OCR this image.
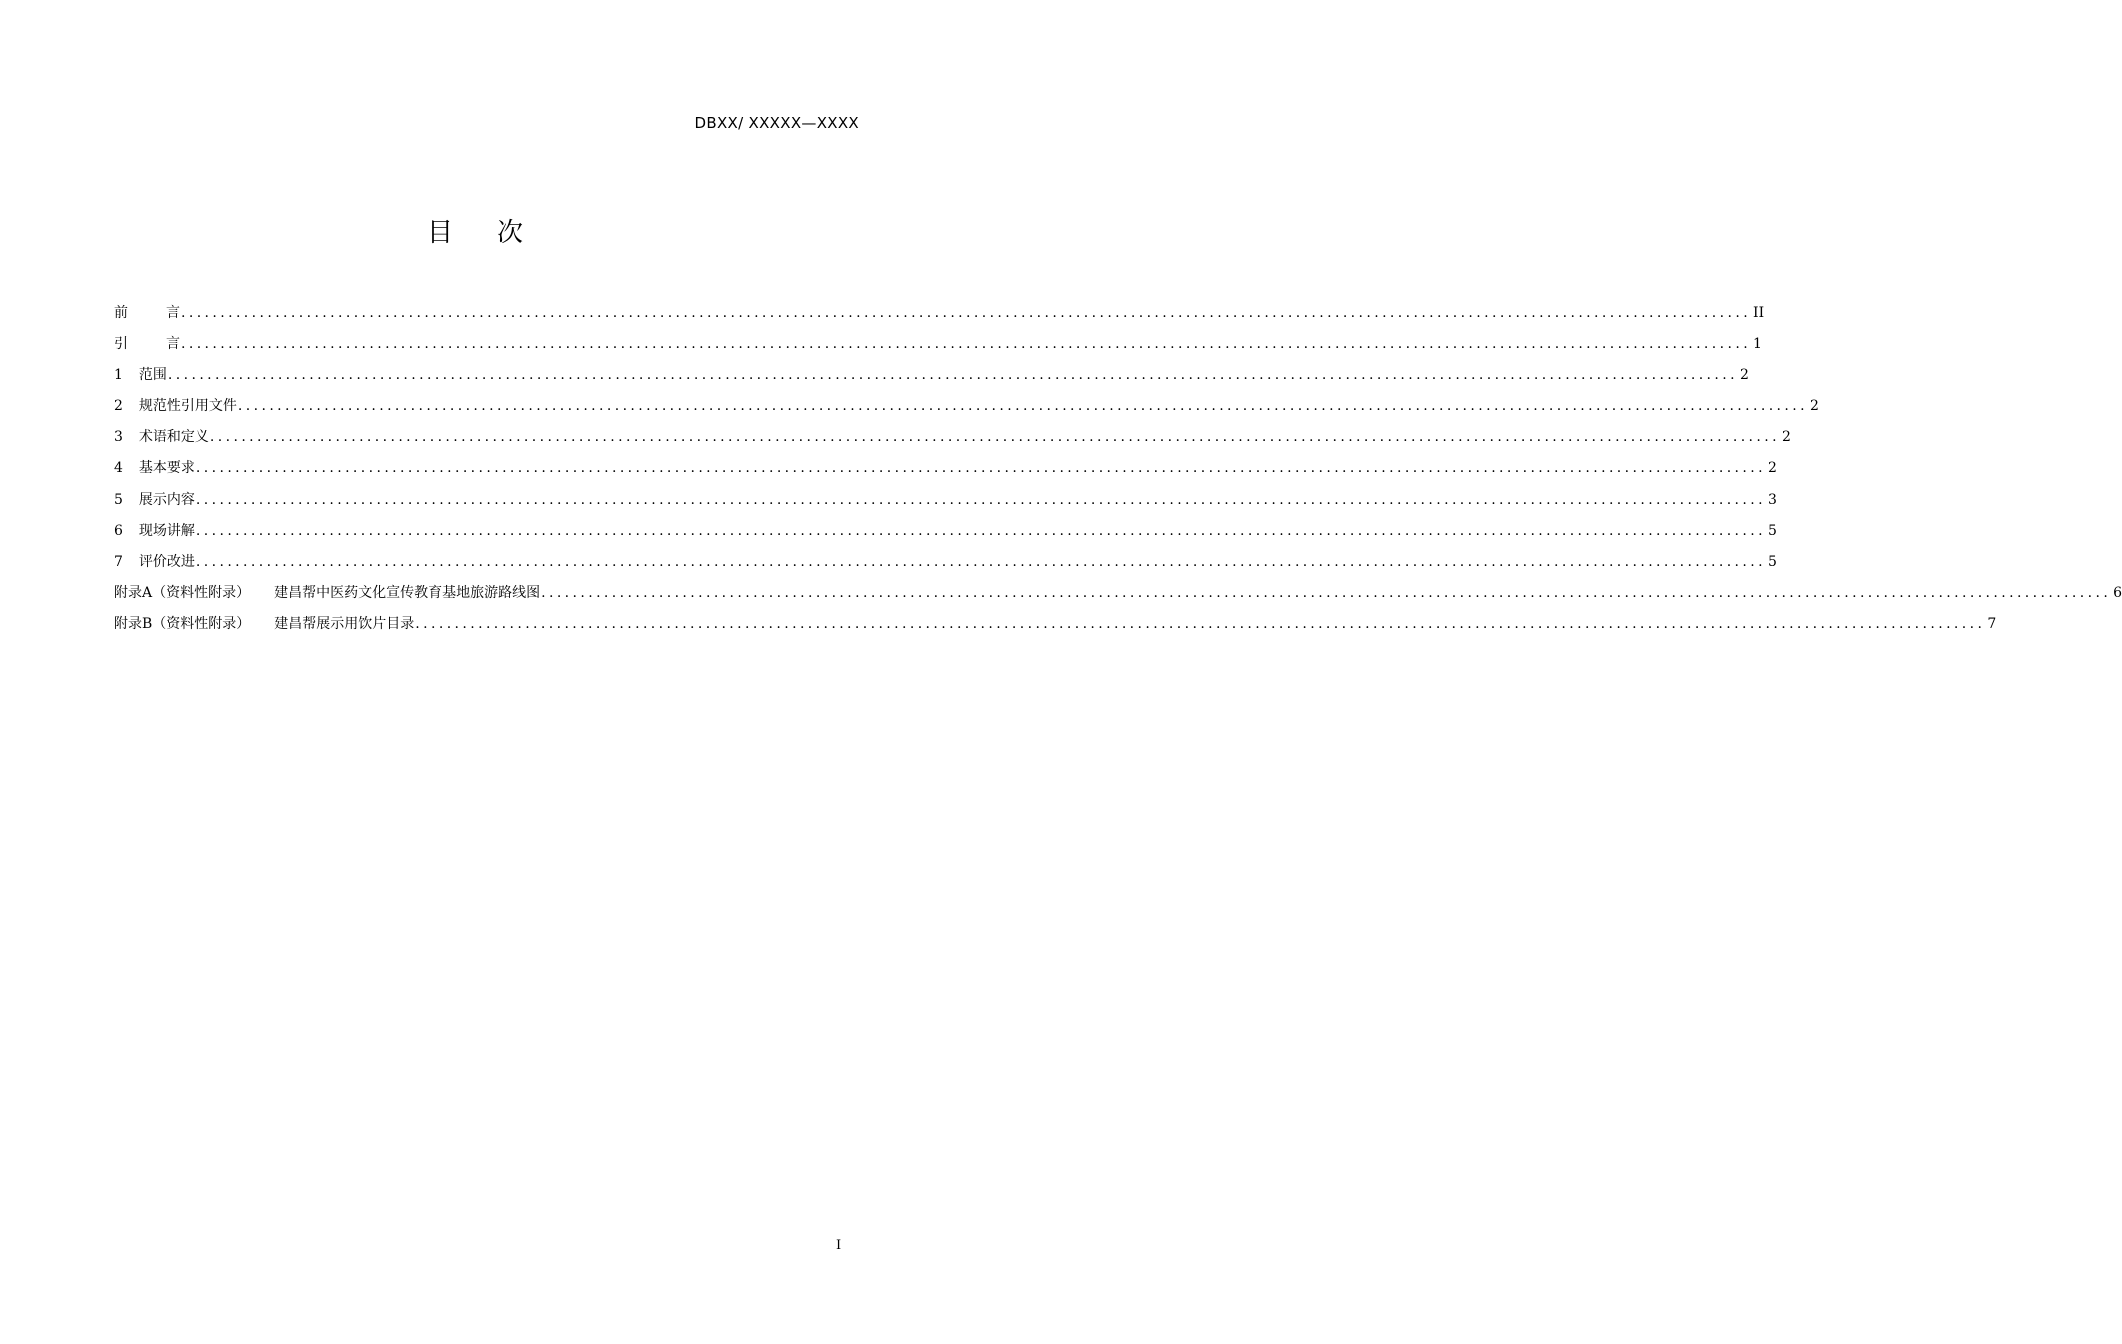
DBXX/ XXXXX—XXXX
目 次
前	言 ........................................................................................................................................................................................................ II
引	言 ........................................................................................................................................................................................................ 1
1 范围 ........................................................................................................................................................................................................ 2
2 规范性引用文件 ........................................................................................................................................................................................................ 2
3 术语和定义 ........................................................................................................................................................................................................ 2
4 基本要求 ........................................................................................................................................................................................................ 2
5 展示内容 ........................................................................................................................................................................................................ 3
6 现场讲解 ........................................................................................................................................................................................................ 5
7 评价改进 ........................................................................................................................................................................................................ 5
附录A（资料性附录） 建昌帮中医药文化宣传教育基地旅游路线图 ........................................................................................................................................................................................................ 6
附录B（资料性附录） 建昌帮展示用饮片目录 ........................................................................................................................................................................................................ 7
I
